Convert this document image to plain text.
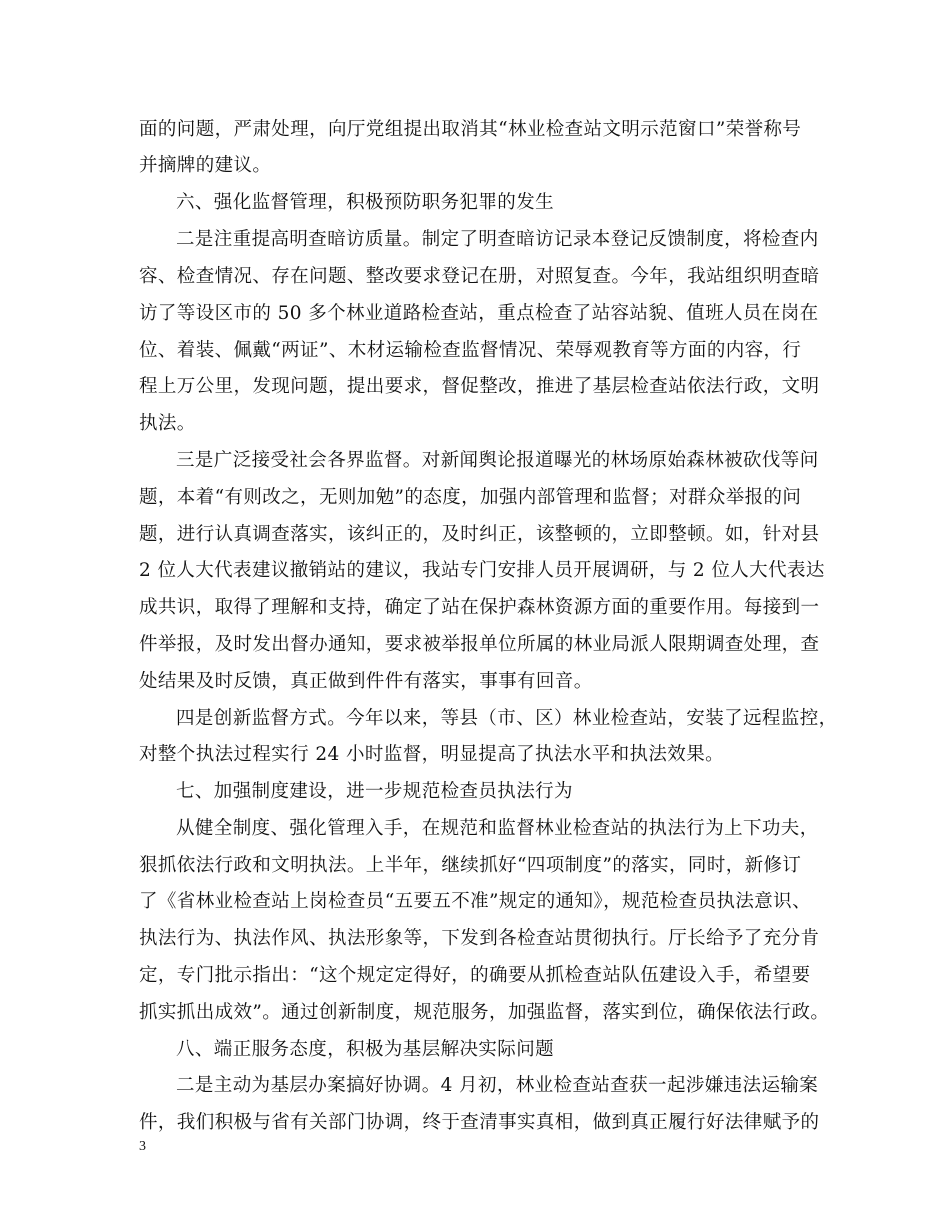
面的问题，严肃处理，向厅党组提出取消其“林业检查站文明示范窗口”荣誉称号
并摘牌的建议。
六、强化监督管理，积极预防职务犯罪的发生
二是注重提高明查暗访质量。制定了明查暗访记录本登记反馈制度，将检查内
容、检查情况、存在问题、整改要求登记在册，对照复查。今年，我站组织明查暗
访了等设区市的 50 多个林业道路检查站，重点检查了站容站貌、值班人员在岗在
位、着装、佩戴“两证”、木材运输检查监督情况、荣辱观教育等方面的内容，行
程上万公里，发现问题，提出要求，督促整改，推进了基层检查站依法行政，文明
执法。
三是广泛接受社会各界监督。对新闻舆论报道曝光的林场原始森林被砍伐等问
题，本着“有则改之，无则加勉”的态度，加强内部管理和监督；对群众举报的问
题，进行认真调查落实，该纠正的，及时纠正，该整顿的，立即整顿。如，针对县
2 位人大代表建议撤销站的建议，我站专门安排人员开展调研，与 2 位人大代表达
成共识，取得了理解和支持，确定了站在保护森林资源方面的重要作用。每接到一
件举报，及时发出督办通知，要求被举报单位所属的林业局派人限期调查处理，查
处结果及时反馈，真正做到件件有落实，事事有回音。
四是创新监督方式。今年以来，等县（市、区）林业检查站，安装了远程监控，
对整个执法过程实行 24 小时监督，明显提高了执法水平和执法效果。
七、加强制度建设，进一步规范检查员执法行为
从健全制度、强化管理入手，在规范和监督林业检查站的执法行为上下功夫，
狠抓依法行政和文明执法。上半年，继续抓好“四项制度”的落实，同时，新修订
了《省林业检查站上岗检查员“五要五不准”规定的通知》，规范检查员执法意识、
执法行为、执法作风、执法形象等，下发到各检查站贯彻执行。厅长给予了充分肯
定，专门批示指出：“这个规定定得好，的确要从抓检查站队伍建设入手，希望要
抓实抓出成效”。通过创新制度，规范服务，加强监督，落实到位，确保依法行政。
八、端正服务态度，积极为基层解决实际问题
二是主动为基层办案搞好协调。4 月初，林业检查站查获一起涉嫌违法运输案
件，我们积极与省有关部门协调，终于查清事实真相，做到真正履行好法律赋予的
3
